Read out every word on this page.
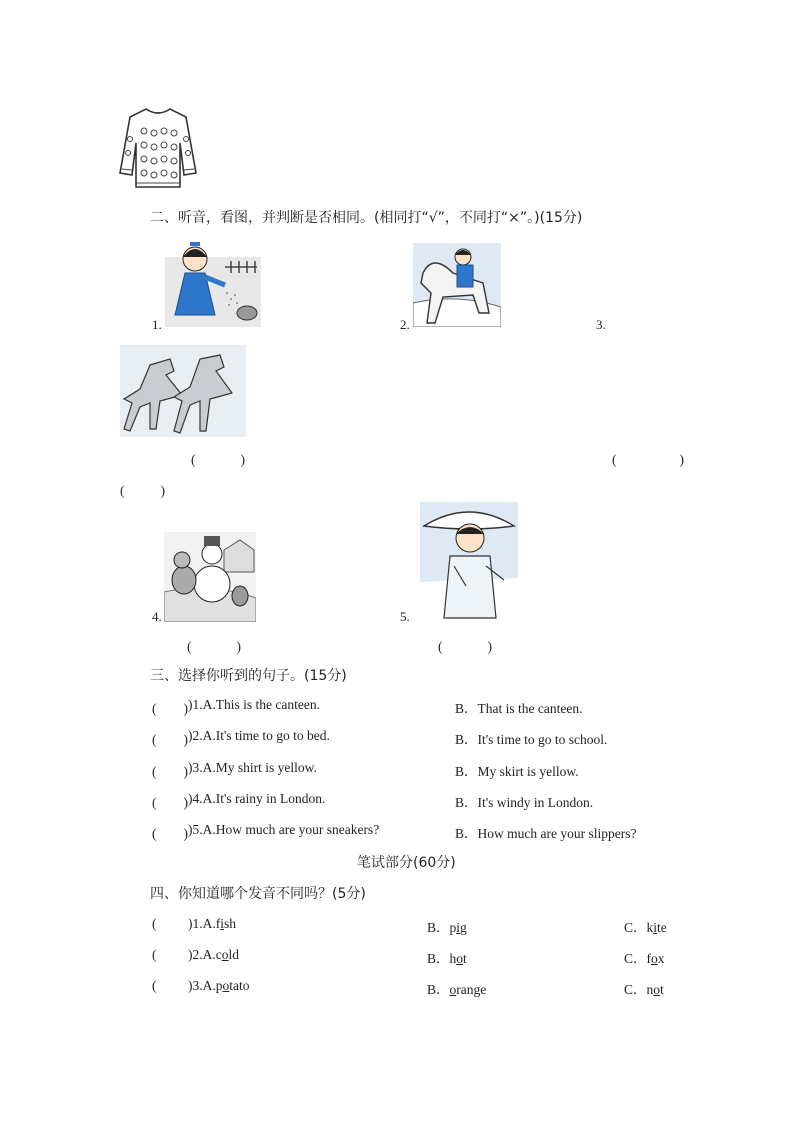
二、听音，看图，并判断是否相同。(相同打“√”，不同打“×”。)(15分)
1.	2.	3.
(　　)	(　　)
(　　)
4.	5.
(　　)	(　　)
三、选择你听到的句子。(15分)
(　　) )1.A.This is the canteen.	B．That is the canteen.
(　　) )2.A.It's time to go to bed.	B．It's time to go to school.
(　　) )3.A.My shirt is yellow.	B．My skirt is yellow.
(　　) )4.A.It's rainy in London.	B．It's windy in London.
(　　) )5.A.How much are your sneakers?	B．How much are your slippers?
笔试部分(60分)
四、你知道哪个发音不同吗？(5分)
( )1.A.fish	B．pig	C．kite
( )2.A.cold	B．hot	C．fox
( )3.A.potato	B．orange	C．not
